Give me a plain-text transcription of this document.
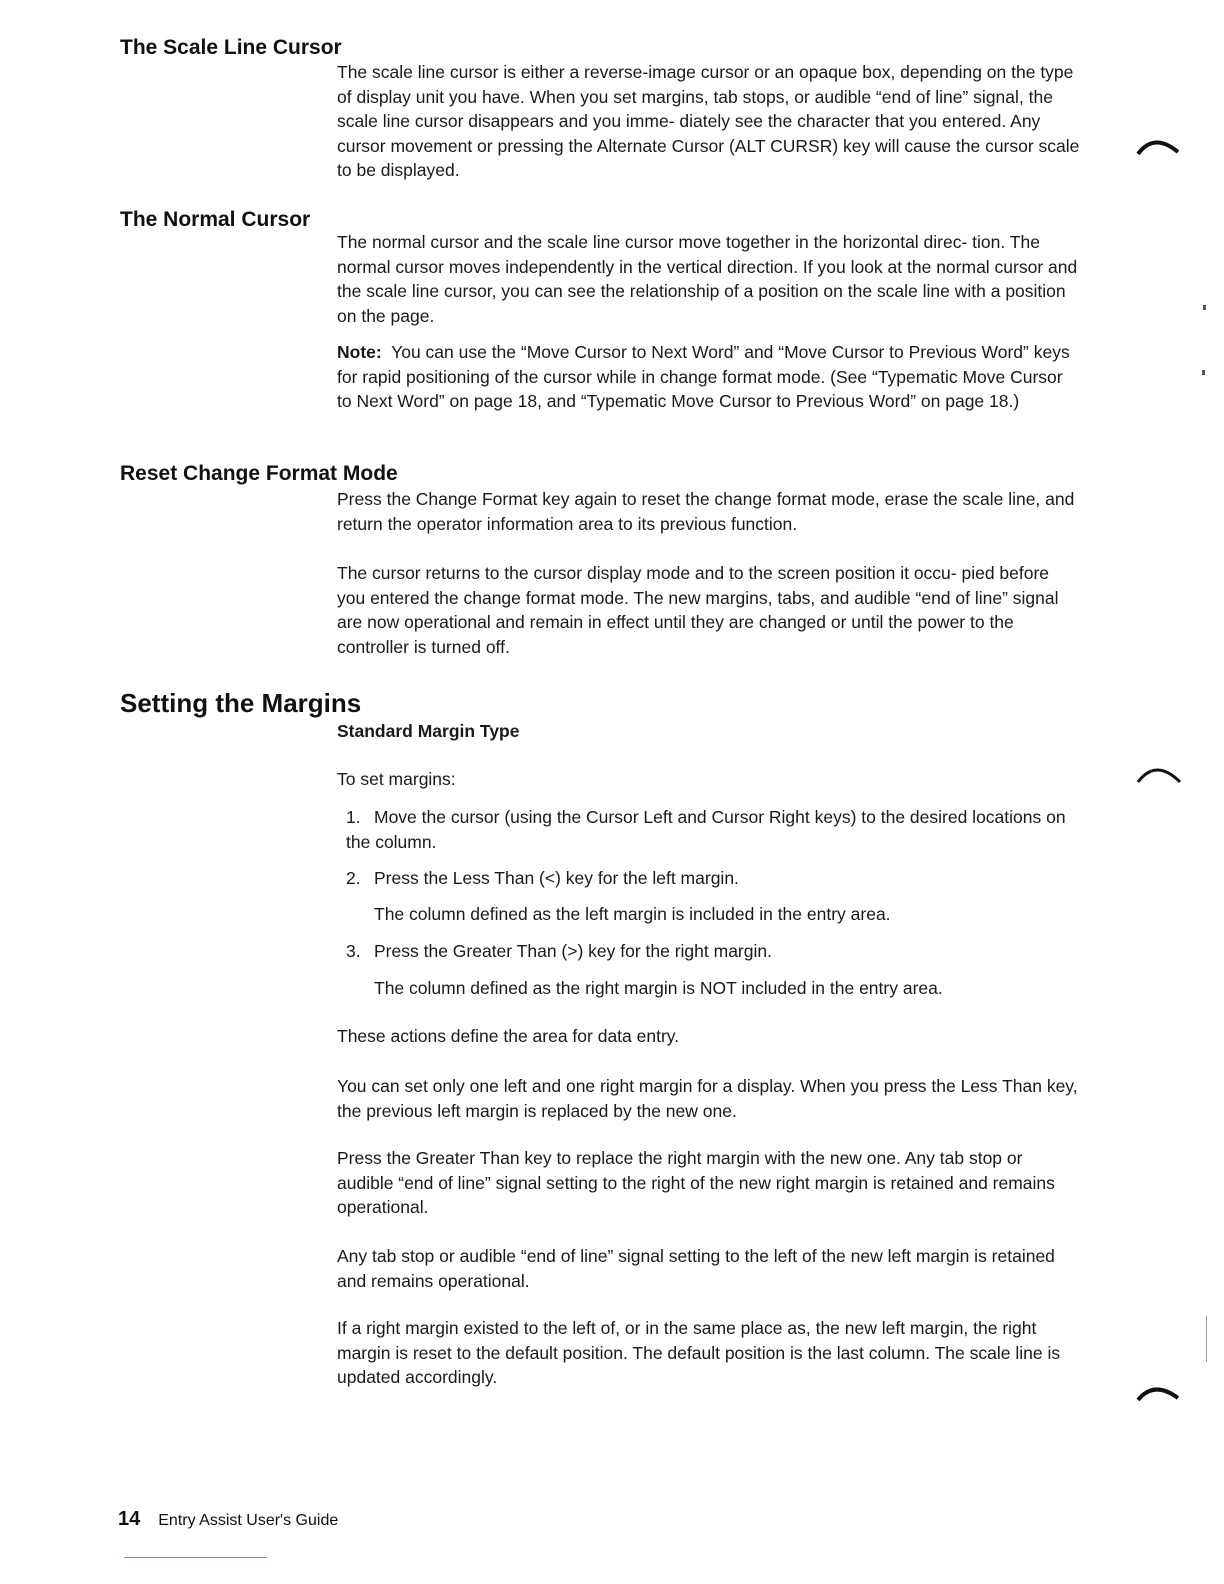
The Scale Line Cursor

The scale line cursor is either a reverse-image cursor or an opaque box, depending on the type of display unit you have. When you set margins, tab stops, or audible “end of line” signal, the scale line cursor disappears and you imme- diately see the character that you entered. Any cursor movement or pressing the Alternate Cursor (ALT CURSR) key will cause the cursor scale to be displayed.

The Normal Cursor

The normal cursor and the scale line cursor move together in the horizontal direc- tion. The normal cursor moves independently in the vertical direction. If you look at the normal cursor and the scale line cursor, you can see the relationship of a position on the scale line with a position on the page.

Note: You can use the “Move Cursor to Next Word” and “Move Cursor to Previous Word” keys for rapid positioning of the cursor while in change format mode. (See “Typematic Move Cursor to Next Word” on page 18, and “Typematic Move Cursor to Previous Word” on page 18.)

Reset Change Format Mode

Press the Change Format key again to reset the change format mode, erase the scale line, and return the operator information area to its previous function.

The cursor returns to the cursor display mode and to the screen position it occu- pied before you entered the change format mode. The new margins, tabs, and audible “end of line” signal are now operational and remain in effect until they are changed or until the power to the controller is turned off.

Setting the Margins

Standard Margin Type

To set margins:

1. Move the cursor (using the Cursor Left and Cursor Right keys) to the desired locations on the column.

2. Press the Less Than (<) key for the left margin.

The column defined as the left margin is included in the entry area.

3. Press the Greater Than (>) key for the right margin.

The column defined as the right margin is NOT included in the entry area.

These actions define the area for data entry.

You can set only one left and one right margin for a display. When you press the Less Than key, the previous left margin is replaced by the new one.

Press the Greater Than key to replace the right margin with the new one. Any tab stop or audible “end of line” signal setting to the right of the new right margin is retained and remains operational.

Any tab stop or audible “end of line” signal setting to the left of the new left margin is retained and remains operational.

If a right margin existed to the left of, or in the same place as, the new left margin, the right margin is reset to the default position. The default position is the last column. The scale line is updated accordingly.

14 Entry Assist User's Guide
